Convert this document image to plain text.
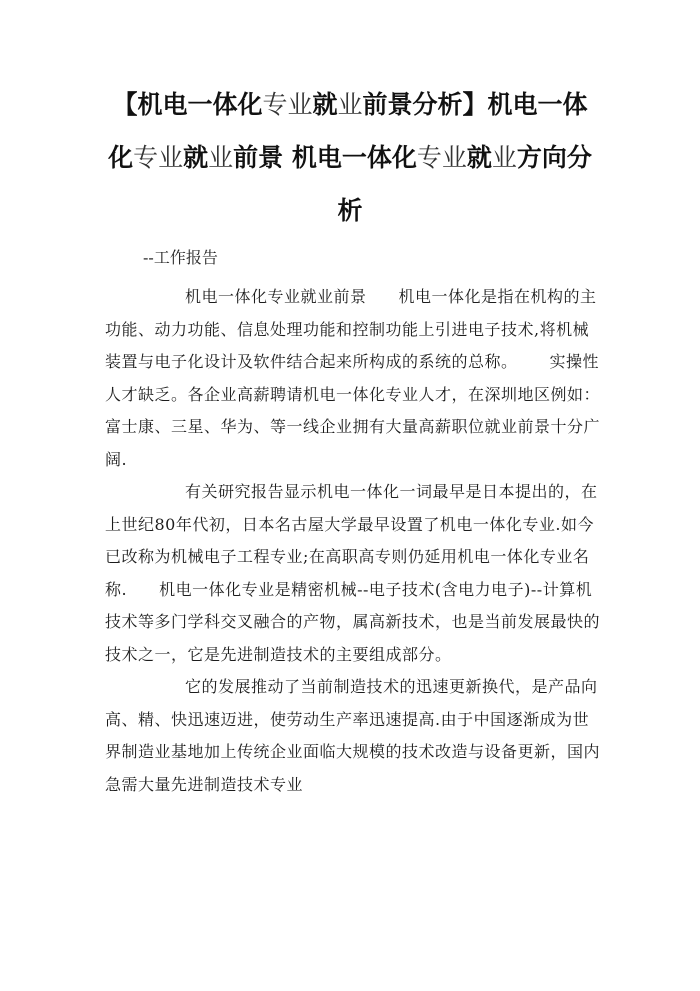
【机电一体化专业就业前景分析】机电一体化专业就业前景 机电一体化专业就业方向分析
--工作报告

机电一体化专业就业前景 机电一体化是指在机构的主功能、动力功能、信息处理功能和控制功能上引进电子技术,将机械装置与电子化设计及软件结合起来所构成的系统的总称。 实操性人才缺乏。各企业高薪聘请机电一体化专业人才，在深圳地区例如：富士康、三星、华为、等一线企业拥有大量高薪职位就业前景十分广阔.

有关研究报告显示机电一体化一词最早是日本提出的，在上世纪80年代初，日本名古屋大学最早设置了机电一体化专业.如今已改称为机械电子工程专业;在高职高专则仍延用机电一体化专业名称. 机电一体化专业是精密机械--电子技术(含电力电子)--计算机技术等多门学科交叉融合的产物，属高新技术，也是当前发展最快的技术之一，它是先进制造技术的主要组成部分。

它的发展推动了当前制造技术的迅速更新换代，是产品向高、精、快迅速迈进，使劳动生产率迅速提高.由于中国逐渐成为世界制造业基地加上传统企业面临大规模的技术改造与设备更新，国内急需大量先进制造技术专业
